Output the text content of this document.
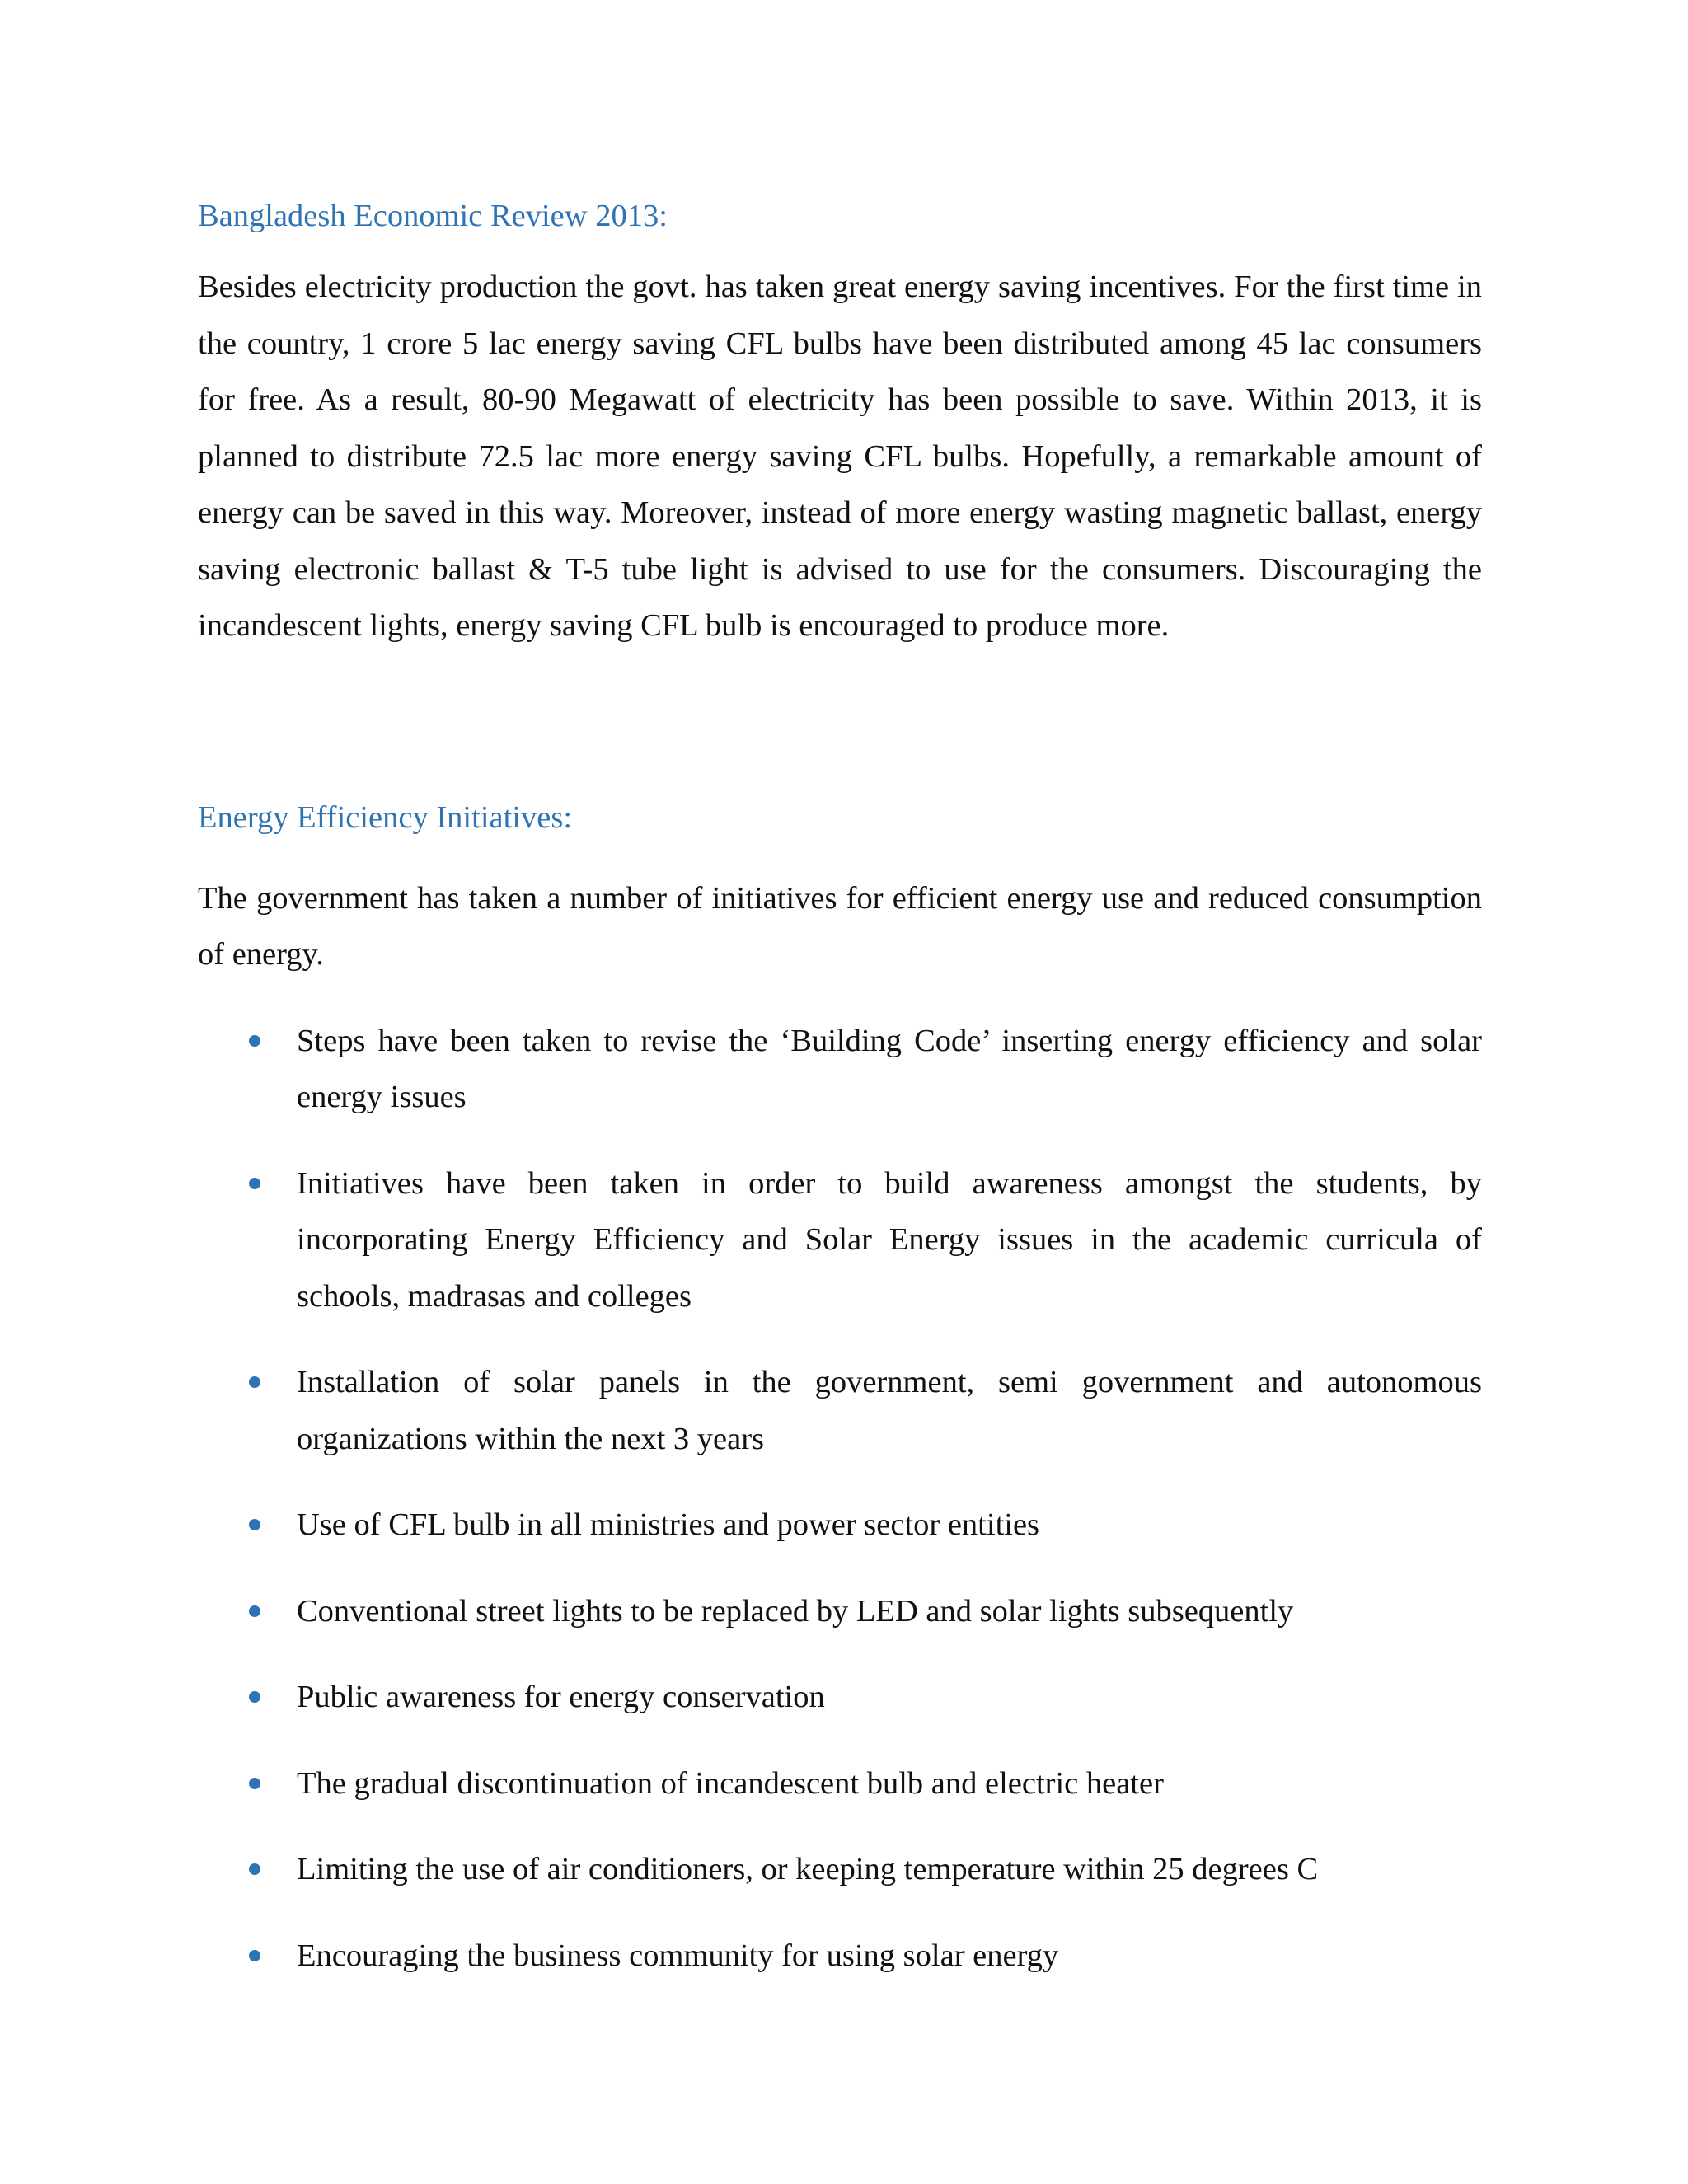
Bangladesh Economic Review 2013:

Besides electricity production the govt. has taken great energy saving incentives. For the first time in the country, 1 crore 5 lac energy saving CFL bulbs have been distributed among 45 lac consumers for free. As a result, 80-90 Megawatt of electricity has been possible to save. Within 2013, it is planned to distribute 72.5 lac more energy saving CFL bulbs. Hopefully, a remarkable amount of energy can be saved in this way. Moreover, instead of more energy wasting magnetic ballast, energy saving electronic ballast & T-5 tube light is advised to use for the consumers. Discouraging the incandescent lights, energy saving CFL bulb is encouraged to produce more.

Energy Efficiency Initiatives:

The government has taken a number of initiatives for efficient energy use and reduced consumption of energy.

Steps have been taken to revise the ‘Building Code’ inserting energy efficiency and solar energy issues
Initiatives have been taken in order to build awareness amongst the students, by incorporating Energy Efficiency and Solar Energy issues in the academic curricula of schools, madrasas and colleges
Installation of solar panels in the government, semi government and autonomous organizations within the next 3 years
Use of CFL bulb in all ministries and power sector entities
Conventional street lights to be replaced by LED and solar lights subsequently
Public awareness for energy conservation
The gradual discontinuation of incandescent bulb and electric heater
Limiting the use of air conditioners, or keeping temperature within 25 degrees C
Encouraging the business community for using solar energy
